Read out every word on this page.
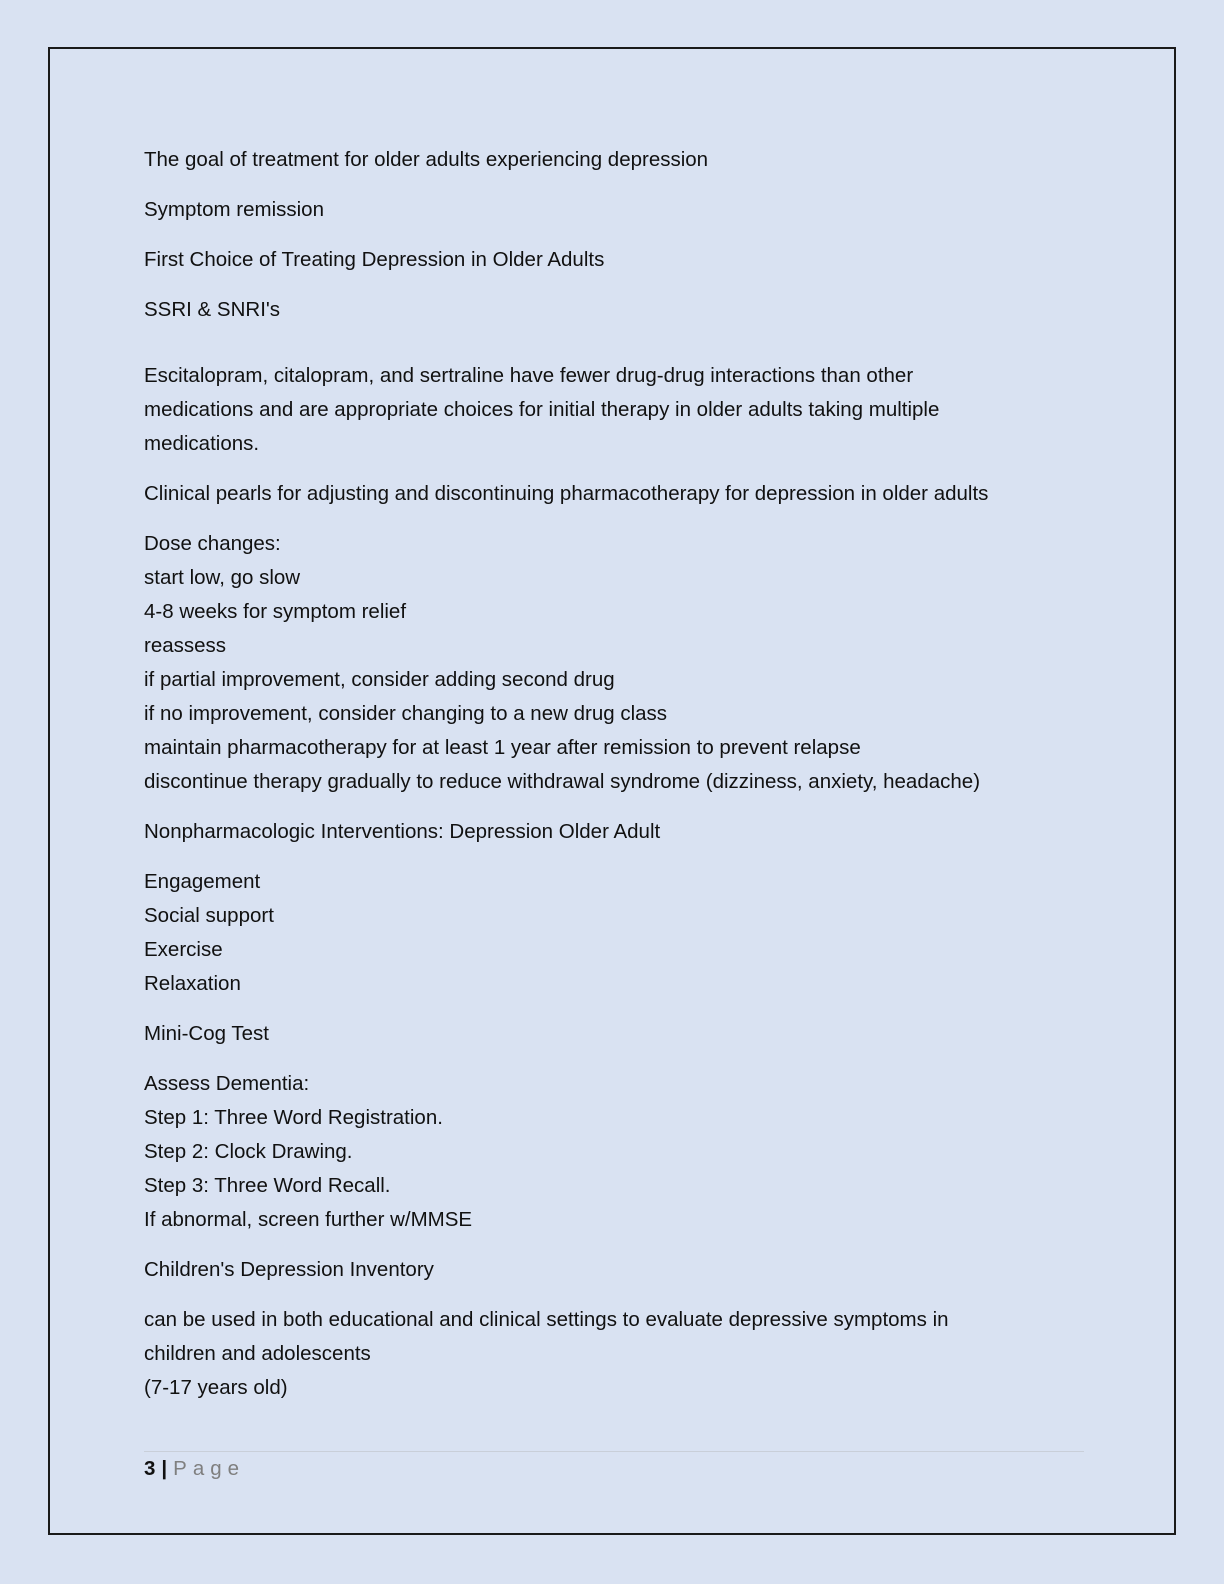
The goal of treatment for older adults experiencing depression
Symptom remission
First Choice of Treating Depression in Older Adults
SSRI & SNRI's
Escitalopram, citalopram, and sertraline have fewer drug-drug interactions than other
medications and are appropriate choices for initial therapy in older adults taking multiple
medications.
Clinical pearls for adjusting and discontinuing pharmacotherapy for depression in older adults
Dose changes:
start low, go slow
4-8 weeks for symptom relief
reassess
if partial improvement, consider adding second drug
if no improvement, consider changing to a new drug class
maintain pharmacotherapy for at least 1 year after remission to prevent relapse
discontinue therapy gradually to reduce withdrawal syndrome (dizziness, anxiety, headache)
Nonpharmacologic Interventions: Depression Older Adult
Engagement
Social support
Exercise
Relaxation
Mini-Cog Test
Assess Dementia:
Step 1: Three Word Registration.
Step 2: Clock Drawing.
Step 3: Three Word Recall.
If abnormal, screen further w/MMSE
Children's Depression Inventory
can be used in both educational and clinical settings to evaluate depressive symptoms in
children and adolescents
(7-17 years old)
3 | Page
